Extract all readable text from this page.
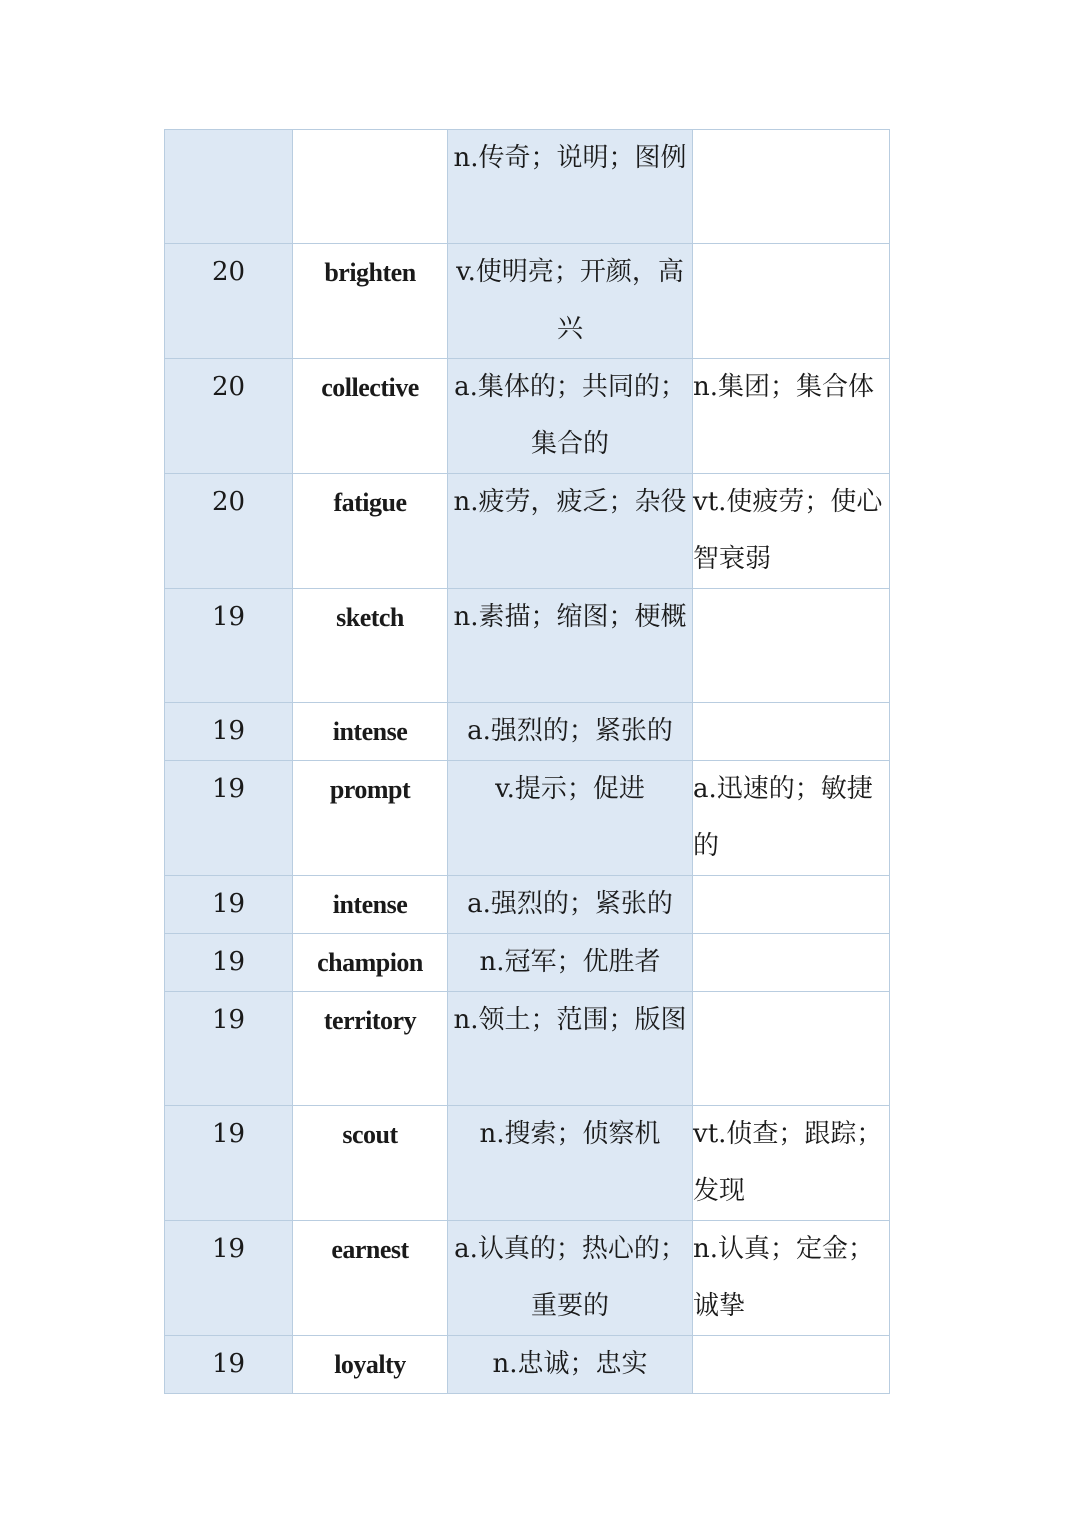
		n.传奇；说明；图例	
20	brighten	v.使明亮；开颜，高兴	
20	collective	a.集体的；共同的；集合的	n.集团；集合体
20	fatigue	n.疲劳，疲乏；杂役	vt.使疲劳；使心智衰弱
19	sketch	n.素描；缩图；梗概	
19	intense	a.强烈的；紧张的	
19	prompt	v.提示；促进	a.迅速的；敏捷的
19	intense	a.强烈的；紧张的	
19	champion	n.冠军；优胜者	
19	territory	n.领土；范围；版图	
19	scout	n.搜索；侦察机	vt.侦查；跟踪；发现
19	earnest	a.认真的；热心的；重要的	n.认真；定金；诚挚
19	loyalty	n.忠诚；忠实	
